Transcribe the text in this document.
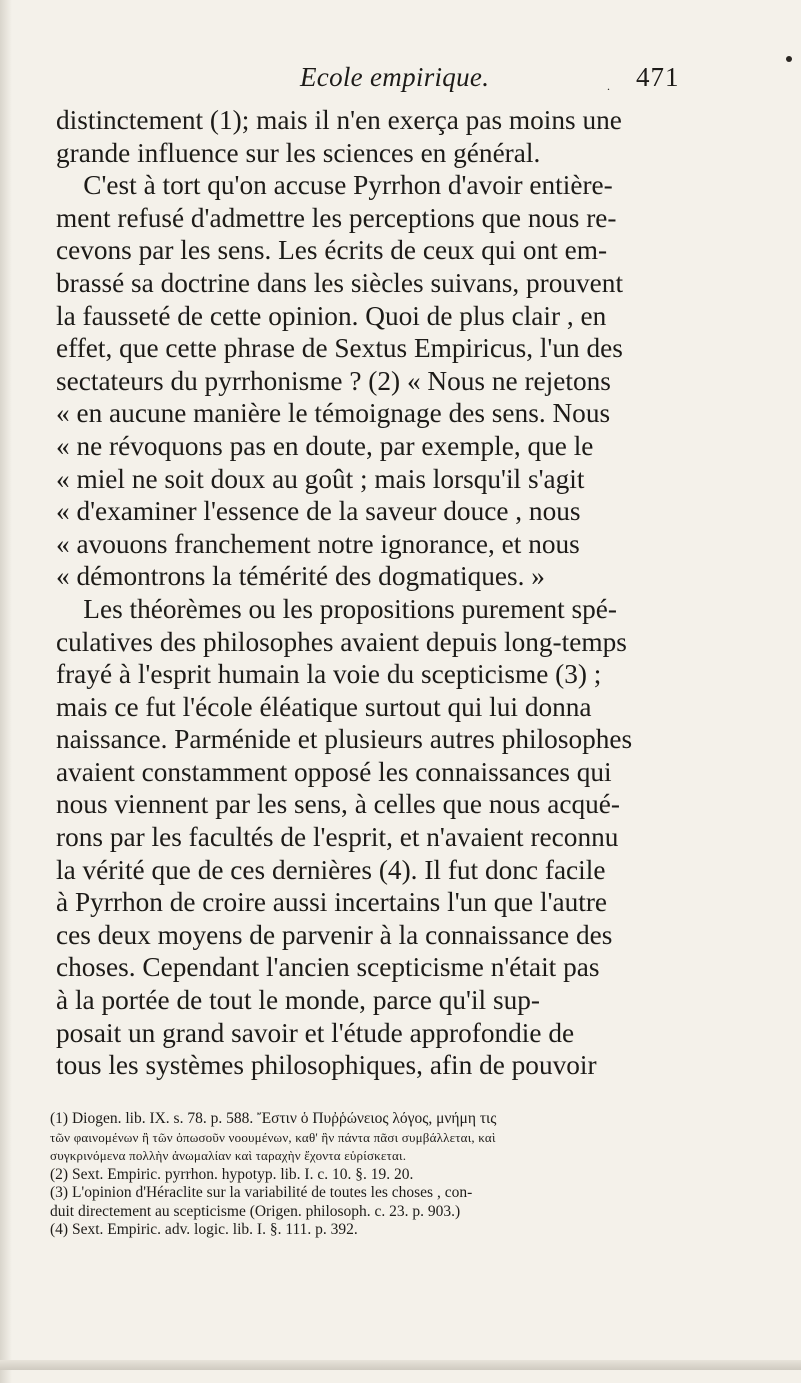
Ecole empirique.	. 471
distinctement (1); mais il n'en exerça pas moins une
grande influence sur les sciences en général.
C'est à tort qu'on accuse Pyrrhon d'avoir entière-
ment refusé d'admettre les perceptions que nous re-
cevons par les sens. Les écrits de ceux qui ont em-
brassé sa doctrine dans les siècles suivans, prouvent
la fausseté de cette opinion. Quoi de plus clair , en
effet, que cette phrase de Sextus Empiricus, l'un des
sectateurs du pyrrhonisme ? (2) « Nous ne rejetons
« en aucune manière le témoignage des sens. Nous
« ne révoquons pas en doute, par exemple, que le
« miel ne soit doux au goût ; mais lorsqu'il s'agit
« d'examiner l'essence de la saveur douce , nous
« avouons franchement notre ignorance, et nous
« démontrons la témérité des dogmatiques. »
Les théorèmes ou les propositions purement spé-
culatives des philosophes avaient depuis long-temps
frayé à l'esprit humain la voie du scepticisme (3) ;
mais ce fut l'école éléatique surtout qui lui donna
naissance. Parménide et plusieurs autres philosophes
avaient constamment opposé les connaissances qui
nous viennent par les sens, à celles que nous acqué-
rons par les facultés de l'esprit, et n'avaient reconnu
la vérité que de ces dernières (4). Il fut donc facile
à Pyrrhon de croire aussi incertains l'un que l'autre
ces deux moyens de parvenir à la connaissance des
choses. Cependant l'ancien scepticisme n'était pas
à la portée de tout le monde, parce qu'il sup-
posait un grand savoir et l'étude approfondie de
tous les systèmes philosophiques, afin de pouvoir
(1) Diogen. lib. IX. s. 78. p. 588. Ἔστιν ὁ Πυῤῥώνειος λόγος, μνήμη τις
τῶν φαινομένων ἢ τῶν ὁπωσοῦν νοουμένων, καθ' ἣν πάντα πᾶσι συμβάλλεται, καὶ
συγκρινόμενα πολλὴν ἀνωμαλίαν καὶ ταραχὴν ἔχοντα εὑρίσκεται.
(2) Sext. Empiric. pyrrhon. hypotyp. lib. I. c. 10. §. 19. 20.
(3) L'opinion d'Héraclite sur la variabilité de toutes les choses , con-
duit directement au scepticisme (Origen. philosoph. c. 23. p. 903.)
(4) Sext. Empiric. adv. logic. lib. I. §. 111. p. 392.
